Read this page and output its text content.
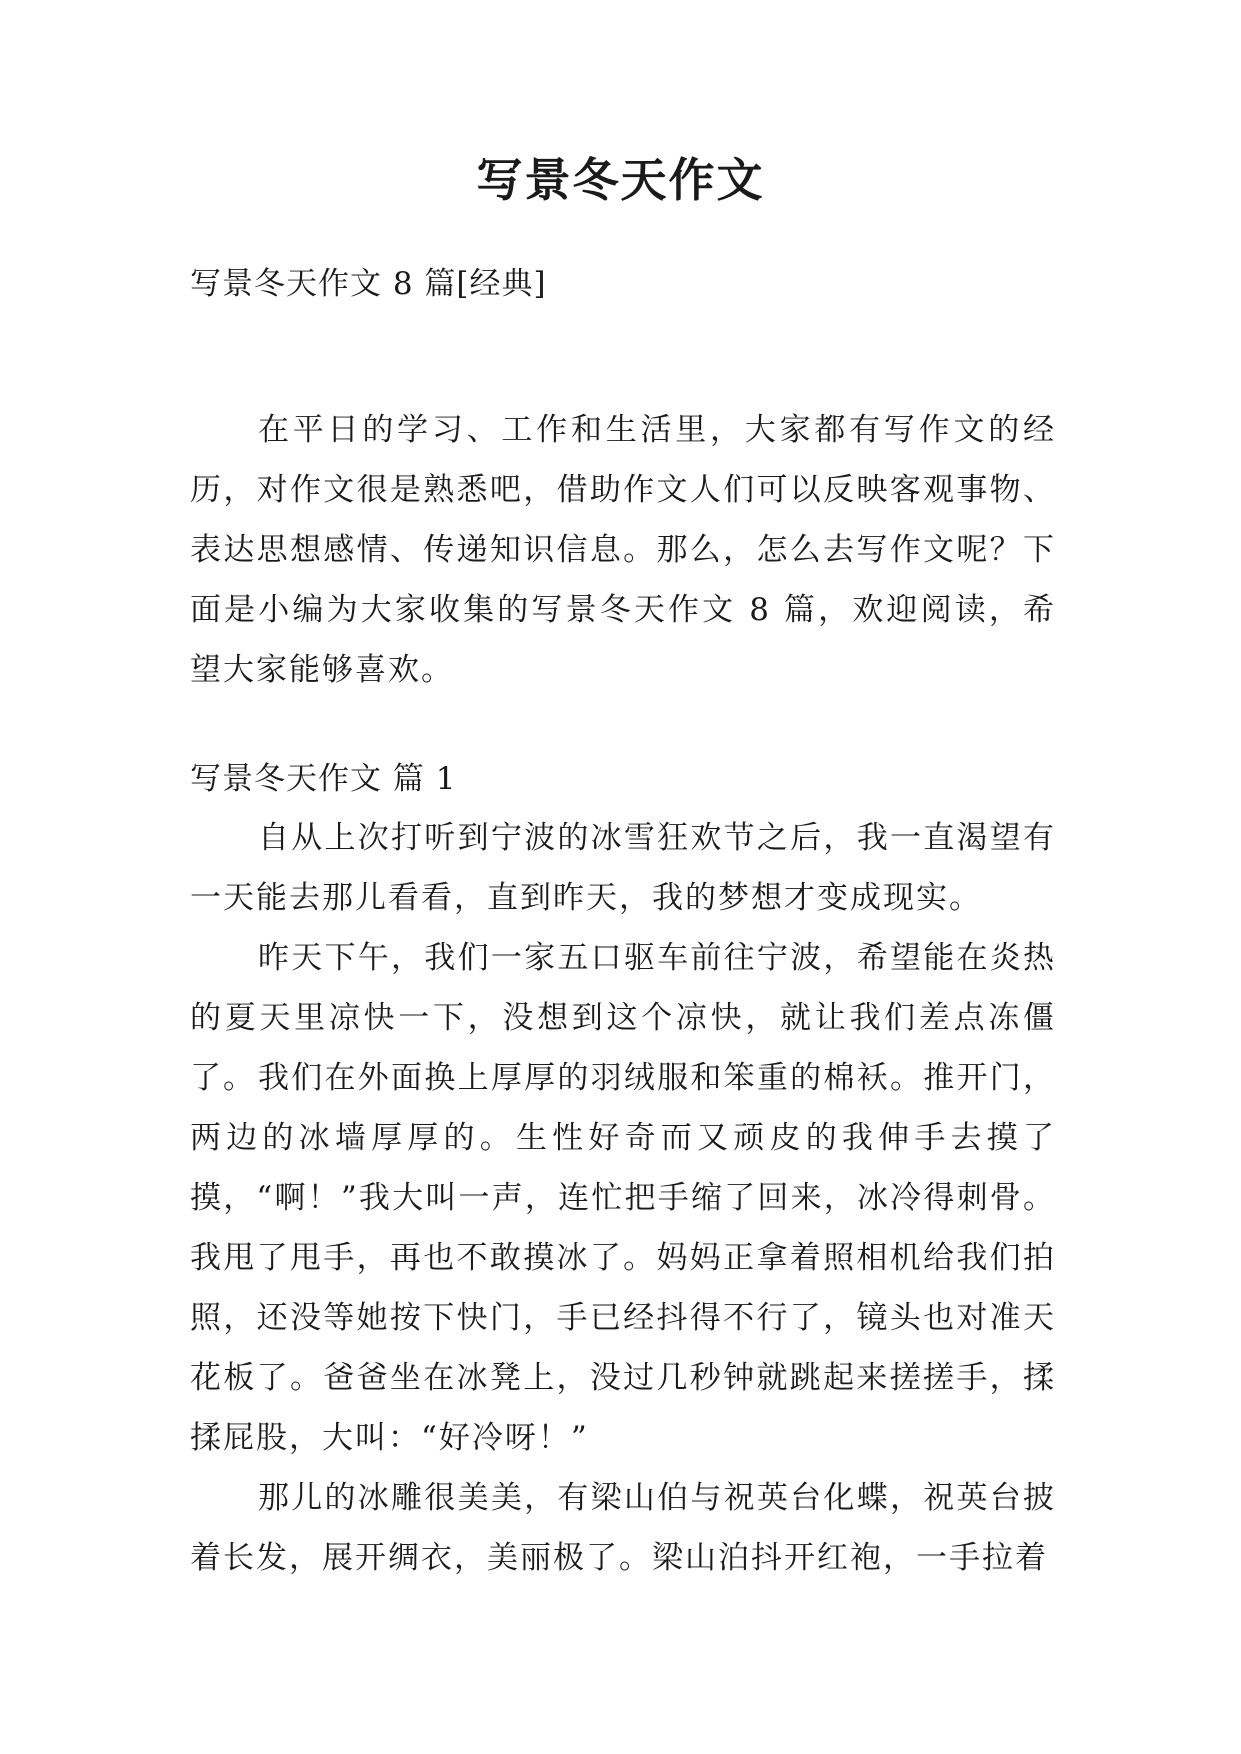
写景冬天作文
写景冬天作文 8 篇[经典]

在平日的学习、工作和生活里，大家都有写作文的经历，对作文很是熟悉吧，借助作文人们可以反映客观事物、表达思想感情、传递知识信息。那么，怎么去写作文呢？下面是小编为大家收集的写景冬天作文 8 篇，欢迎阅读，希望大家能够喜欢。

写景冬天作文 篇 1

自从上次打听到宁波的冰雪狂欢节之后，我一直渴望有一天能去那儿看看，直到昨天，我的梦想才变成现实。

昨天下午，我们一家五口驱车前往宁波，希望能在炎热的夏天里凉快一下，没想到这个凉快，就让我们差点冻僵了。 我们在外面换上厚厚的羽绒服和笨重的棉袄。推开门，两边的冰墙厚厚的。生性好奇而又顽皮的我伸手去摸了摸，“啊！”我大叫一声，连忙把手缩了回来，冰冷得刺骨。我甩了甩手，再也不敢摸冰了。妈妈正拿着照相机给我们拍照，还没等她按下快门，手已经抖得不行了，镜头也对准天花板了。爸爸坐在冰凳上，没过几秒钟就跳起来搓搓手，揉揉屁股，大叫：“好冷呀！”

那儿的冰雕很美美，有梁山伯与祝英台化蝶，祝英台披着长发，展开绸衣，美丽极了。梁山泊抖开红袍，一手拉着
